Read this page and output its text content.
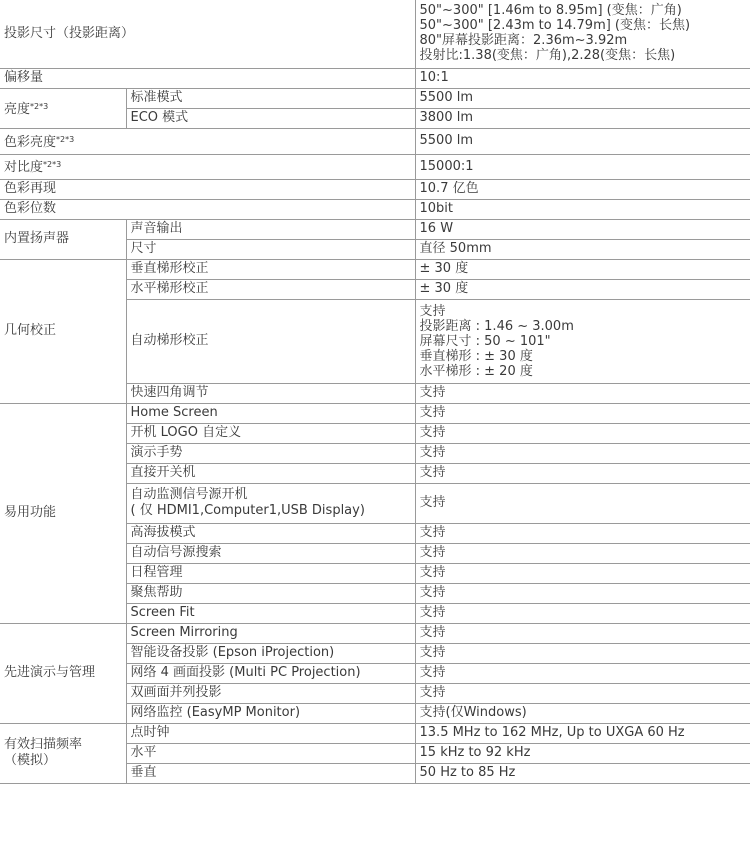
投影尺寸（投影距离）		50"~300" [1.46m to 8.95m] (变焦：广角)
50"~300" [2.43m to 14.79m] (变焦：长焦)
80"屏幕投影距离：2.36m~3.92m
投射比:1.38(变焦：广角),2.28(变焦：长焦)
偏移量		10:1
亮度$^{*2*3}$	标准模式	5500 lm
	ECO 模式	3800 lm
色彩亮度$^{*2*3}$		5500 lm
对比度$^{*2*3}$		15000:1
色彩再现		10.7 亿色
色彩位数		10bit
内置扬声器	声音输出	16 W
	尺寸	直径 50mm
几何校正	垂直梯形校正	± 30 度
	水平梯形校正	± 30 度
	自动梯形校正	支持
投影距离 : 1.46 ~ 3.00m
屏幕尺寸 : 50 ~ 101"
垂直梯形 : ± 30 度
水平梯形 : ± 20 度
	快速四角调节	支持
易用功能	Home Screen	支持
	开机 LOGO 自定义	支持
	演示手势	支持
	直接开关机	支持
	自动监测信号源开机
( 仅 HDMI1,Computer1,USB Display)	支持
	高海拔模式	支持
	自动信号源搜索	支持
	日程管理	支持
	聚焦帮助	支持
	Screen Fit	支持
先进演示与管理	Screen Mirroring	支持
	智能设备投影 (Epson iProjection)	支持
	网络 4 画面投影 (Multi PC Projection)	支持
	双画面并列投影	支持
	网络监控 (EasyMP Monitor)	支持(仅Windows)
有效扫描频率
（模拟）	点时钟	13.5 MHz to 162 MHz, Up to UXGA 60 Hz
	水平	15 kHz to 92 kHz
	垂直	50 Hz to 85 Hz
